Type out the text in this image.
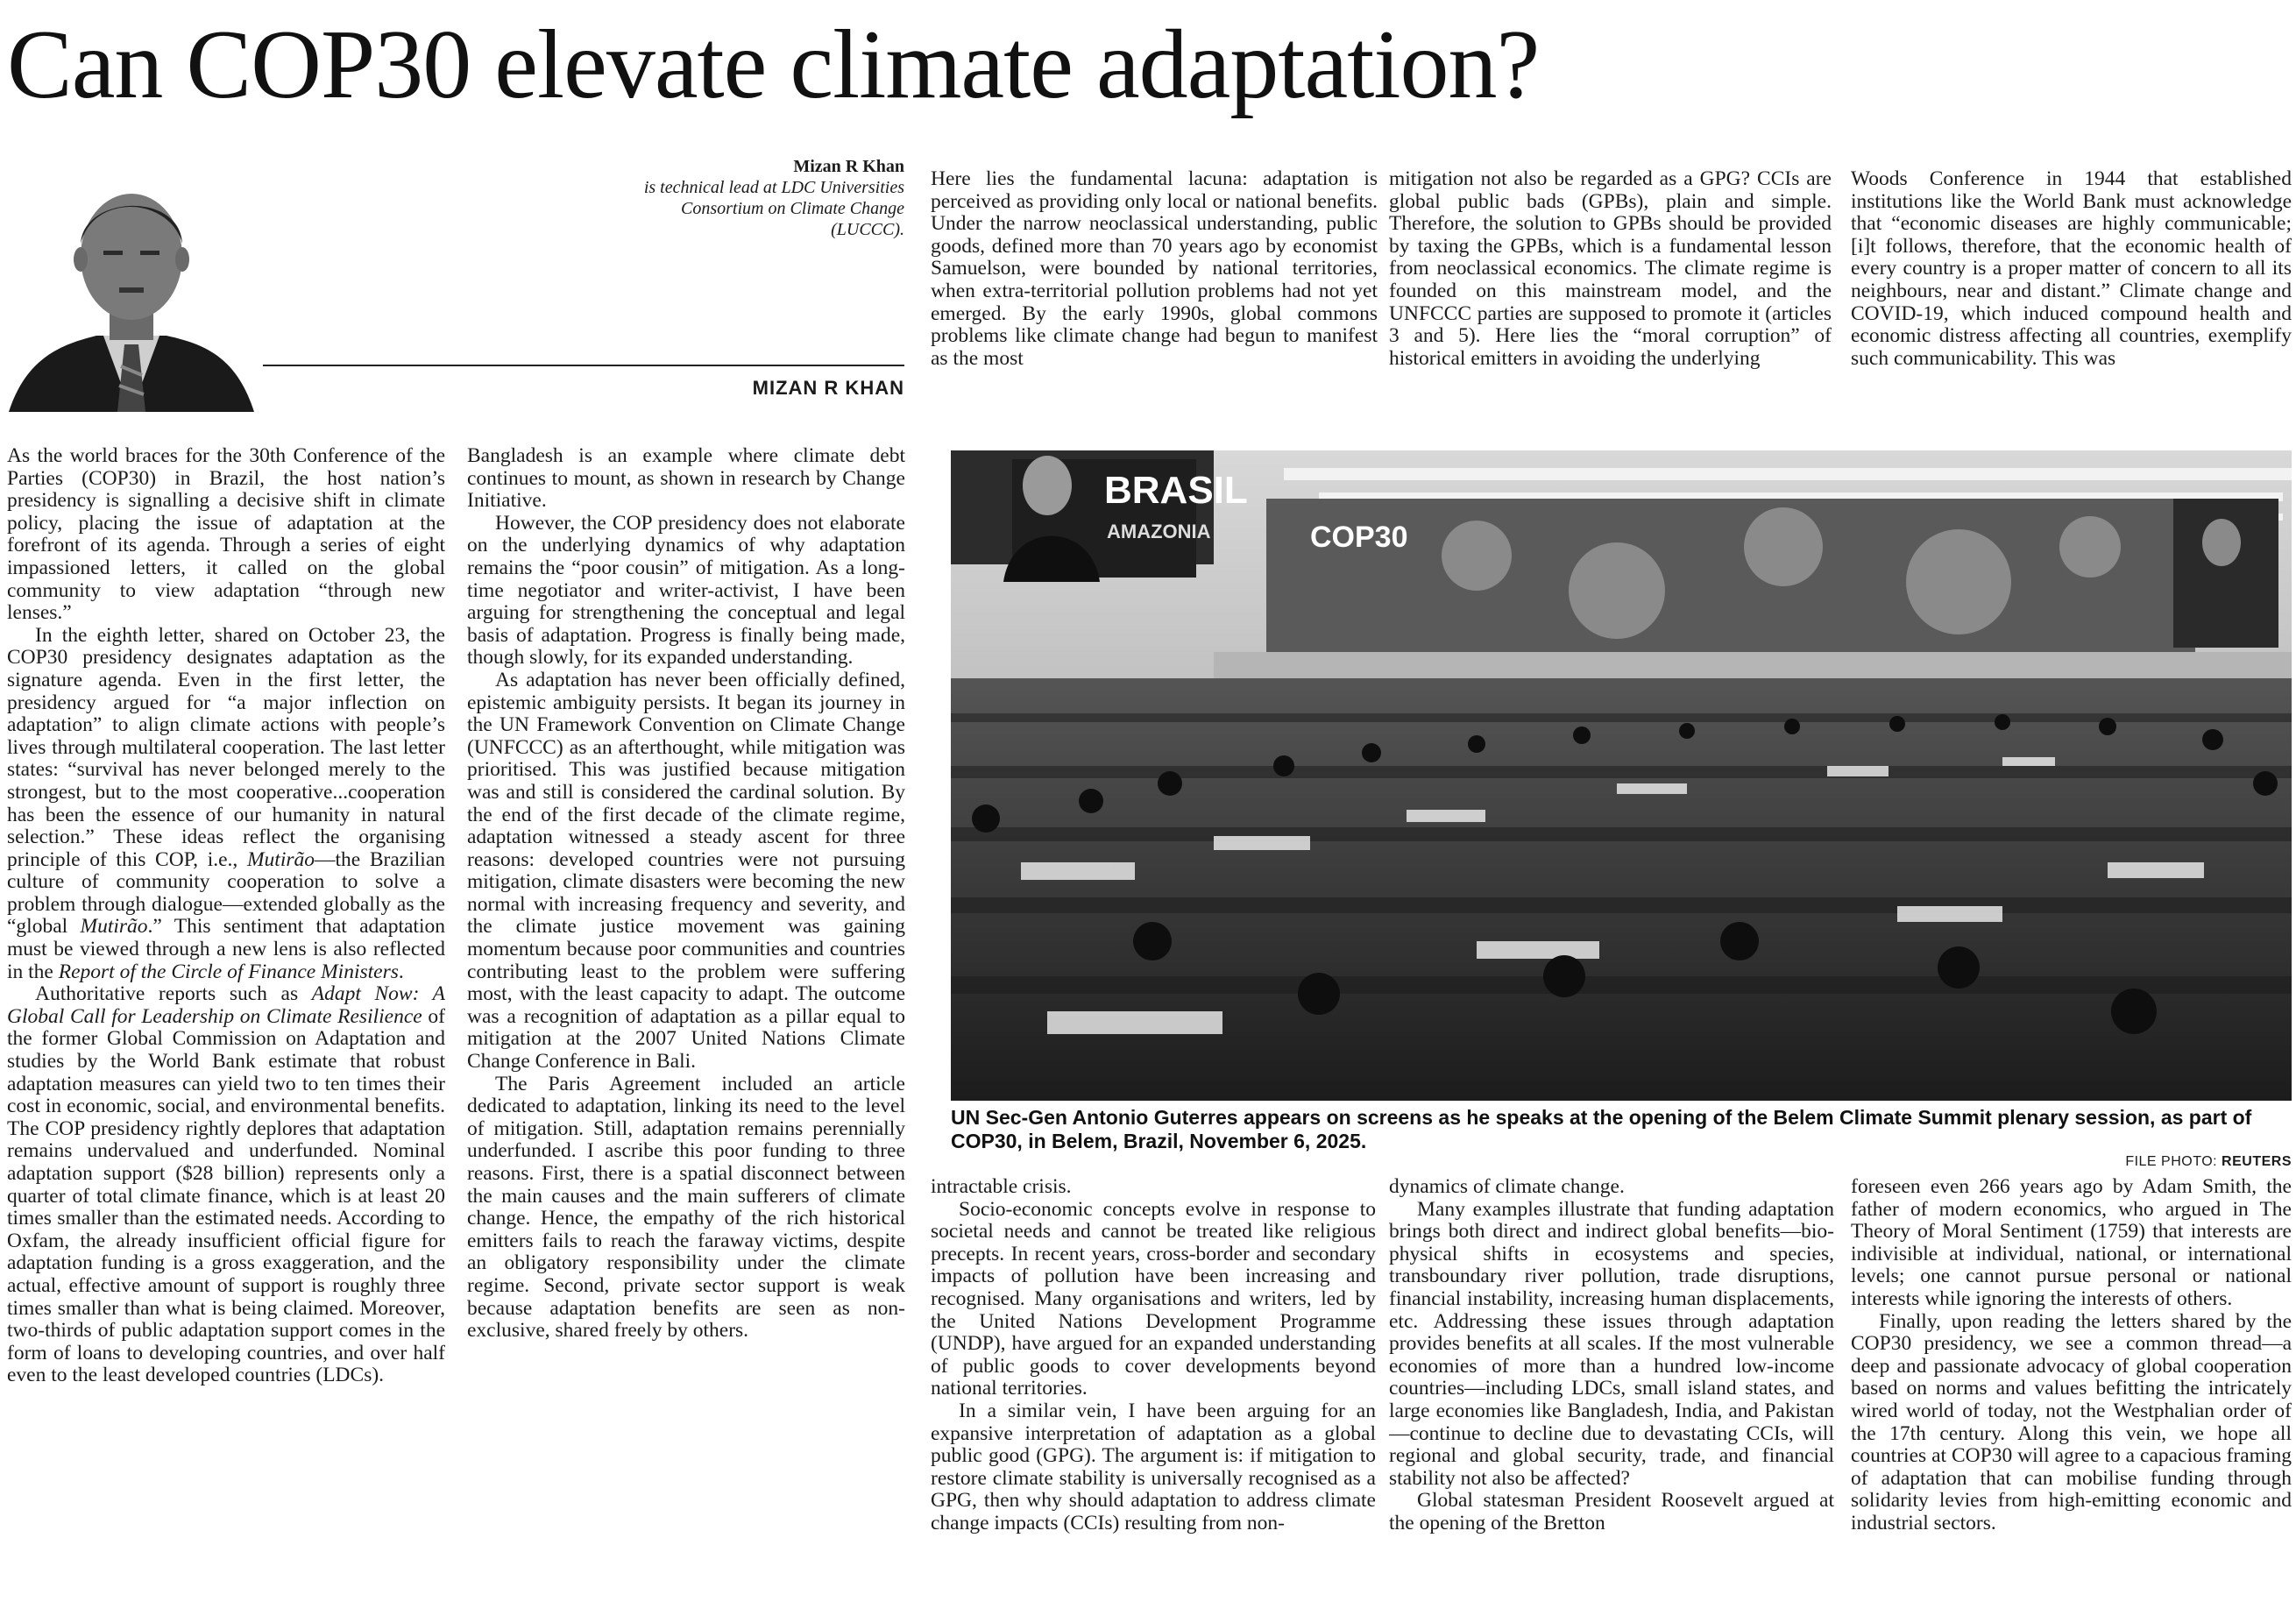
Can COP30 elevate climate adaptation?
Mizan R Khan
is technical lead at LDC Universities Consortium on Climate Change (LUCCC).
MIZAN R KHAN

Here lies the fundamental lacuna: adaptation is perceived as providing only local or national benefits. Under the narrow neoclassical understanding, public goods, defined more than 70 years ago by economist Samuelson, were bounded by national territories, when extra-territorial pollution problems had not yet emerged. By the early 1990s, global commons problems like climate change had begun to manifest as the most

mitigation not also be regarded as a GPG? CCIs are global public bads (GPBs), plain and simple. Therefore, the solution to GPBs should be provided by taxing the GPBs, which is a fundamental lesson from neoclassical economics. The climate regime is founded on this mainstream model, and the UNFCCC parties are supposed to promote it (articles 3 and 5). Here lies the “moral corruption” of historical emitters in avoiding the underlying

Woods Conference in 1944 that established institutions like the World Bank must acknowledge that “economic diseases are highly communicable; [i]t follows, therefore, that the economic health of every country is a proper matter of concern to all its neighbours, near and distant.” Climate change and COVID-19, which induced compound health and economic distress affecting all countries, exemplify such communicability. This was

As the world braces for the 30th Conference of the Parties (COP30) in Brazil, the host nation’s presidency is signalling a decisive shift in climate policy, placing the issue of adaptation at the forefront of its agenda. Through a series of eight impassioned letters, it called on the global community to view adaptation “through new lenses.”

In the eighth letter, shared on October 23, the COP30 presidency designates adaptation as the signature agenda. Even in the first letter, the presidency argued for “a major inflection on adaptation” to align climate actions with people’s lives through multilateral cooperation. The last letter states: “survival has never belonged merely to the strongest, but to the most cooperative...cooperation has been the essence of our humanity in natural selection.” These ideas reflect the organising principle of this COP, i.e., Mutirão—the Brazilian culture of community cooperation to solve a problem through dialogue—extended globally as the “global Mutirão.” This sentiment that adaptation must be viewed through a new lens is also reflected in the Report of the Circle of Finance Ministers.

Authoritative reports such as Adapt Now: A Global Call for Leadership on Climate Resilience of the former Global Commission on Adaptation and studies by the World Bank estimate that robust adaptation measures can yield two to ten times their cost in economic, social, and environmental benefits. The COP presidency rightly deplores that adaptation remains undervalued and underfunded. Nominal adaptation support ($28 billion) represents only a quarter of total climate finance, which is at least 20 times smaller than the estimated needs. According to Oxfam, the already insufficient official figure for adaptation funding is a gross exaggeration, and the actual, effective amount of support is roughly three times smaller than what is being claimed. Moreover, two-thirds of public adaptation support comes in the form of loans to developing countries, and over half even to the least developed countries (LDCs).

Bangladesh is an example where climate debt continues to mount, as shown in research by Change Initiative.

However, the COP presidency does not elaborate on the underlying dynamics of why adaptation remains the “poor cousin” of mitigation. As a long-time negotiator and writer-activist, I have been arguing for strengthening the conceptual and legal basis of adaptation. Progress is finally being made, though slowly, for its expanded understanding.

As adaptation has never been officially defined, epistemic ambiguity persists. It began its journey in the UN Framework Convention on Climate Change (UNFCCC) as an afterthought, while mitigation was prioritised. This was justified because mitigation was and still is considered the cardinal solution. By the end of the first decade of the climate regime, adaptation witnessed a steady ascent for three reasons: developed countries were not pursuing mitigation, climate disasters were becoming the new normal with increasing frequency and severity, and the climate justice movement was gaining momentum because poor communities and countries contributing least to the problem were suffering most, with the least capacity to adapt. The outcome was a recognition of adaptation as a pillar equal to mitigation at the 2007 United Nations Climate Change Conference in Bali.

The Paris Agreement included an article dedicated to adaptation, linking its need to the level of mitigation. Still, adaptation remains perennially underfunded. I ascribe this poor funding to three reasons. First, there is a spatial disconnect between the main causes and the main sufferers of climate change. Hence, the empathy of the rich historical emitters fails to reach the faraway victims, despite an obligatory responsibility under the climate regime. Second, private sector support is weak because adaptation benefits are seen as non-exclusive, shared freely by others.

COP30
BRASIL
AMAZONIA
UN Sec-Gen Antonio Guterres appears on screens as he speaks at the opening of the Belem Climate Summit plenary session, as part of COP30, in Belem, Brazil, November 6, 2025.
FILE PHOTO: REUTERS

intractable crisis.

Socio-economic concepts evolve in response to societal needs and cannot be treated like religious precepts. In recent years, cross-border and secondary impacts of pollution have been increasing and recognised. Many organisations and writers, led by the United Nations Development Programme (UNDP), have argued for an expanded understanding of public goods to cover developments beyond national territories.

In a similar vein, I have been arguing for an expansive interpretation of adaptation as a global public good (GPG). The argument is: if mitigation to restore climate stability is universally recognised as a GPG, then why should adaptation to address climate change impacts (CCIs) resulting from non-

dynamics of climate change.

Many examples illustrate that funding adaptation brings both direct and indirect global benefits—bio-physical shifts in ecosystems and species, transboundary river pollution, trade disruptions, financial instability, increasing human displacements, etc. Addressing these issues through adaptation provides benefits at all scales. If the most vulnerable economies of more than a hundred low-income countries—including LDCs, small island states, and large economies like Bangladesh, India, and Pakistan—continue to decline due to devastating CCIs, will regional and global security, trade, and financial stability not also be affected?

Global statesman President Roosevelt argued at the opening of the Bretton

foreseen even 266 years ago by Adam Smith, the father of modern economics, who argued in The Theory of Moral Sentiment (1759) that interests are indivisible at individual, national, or international levels; one cannot pursue personal or national interests while ignoring the interests of others.

Finally, upon reading the letters shared by the COP30 presidency, we see a common thread—a deep and passionate advocacy of global cooperation based on norms and values befitting the intricately wired world of today, not the Westphalian order of the 17th century. Along this vein, we hope all countries at COP30 will agree to a capacious framing of adaptation that can mobilise funding through solidarity levies from high-emitting economic and industrial sectors.
